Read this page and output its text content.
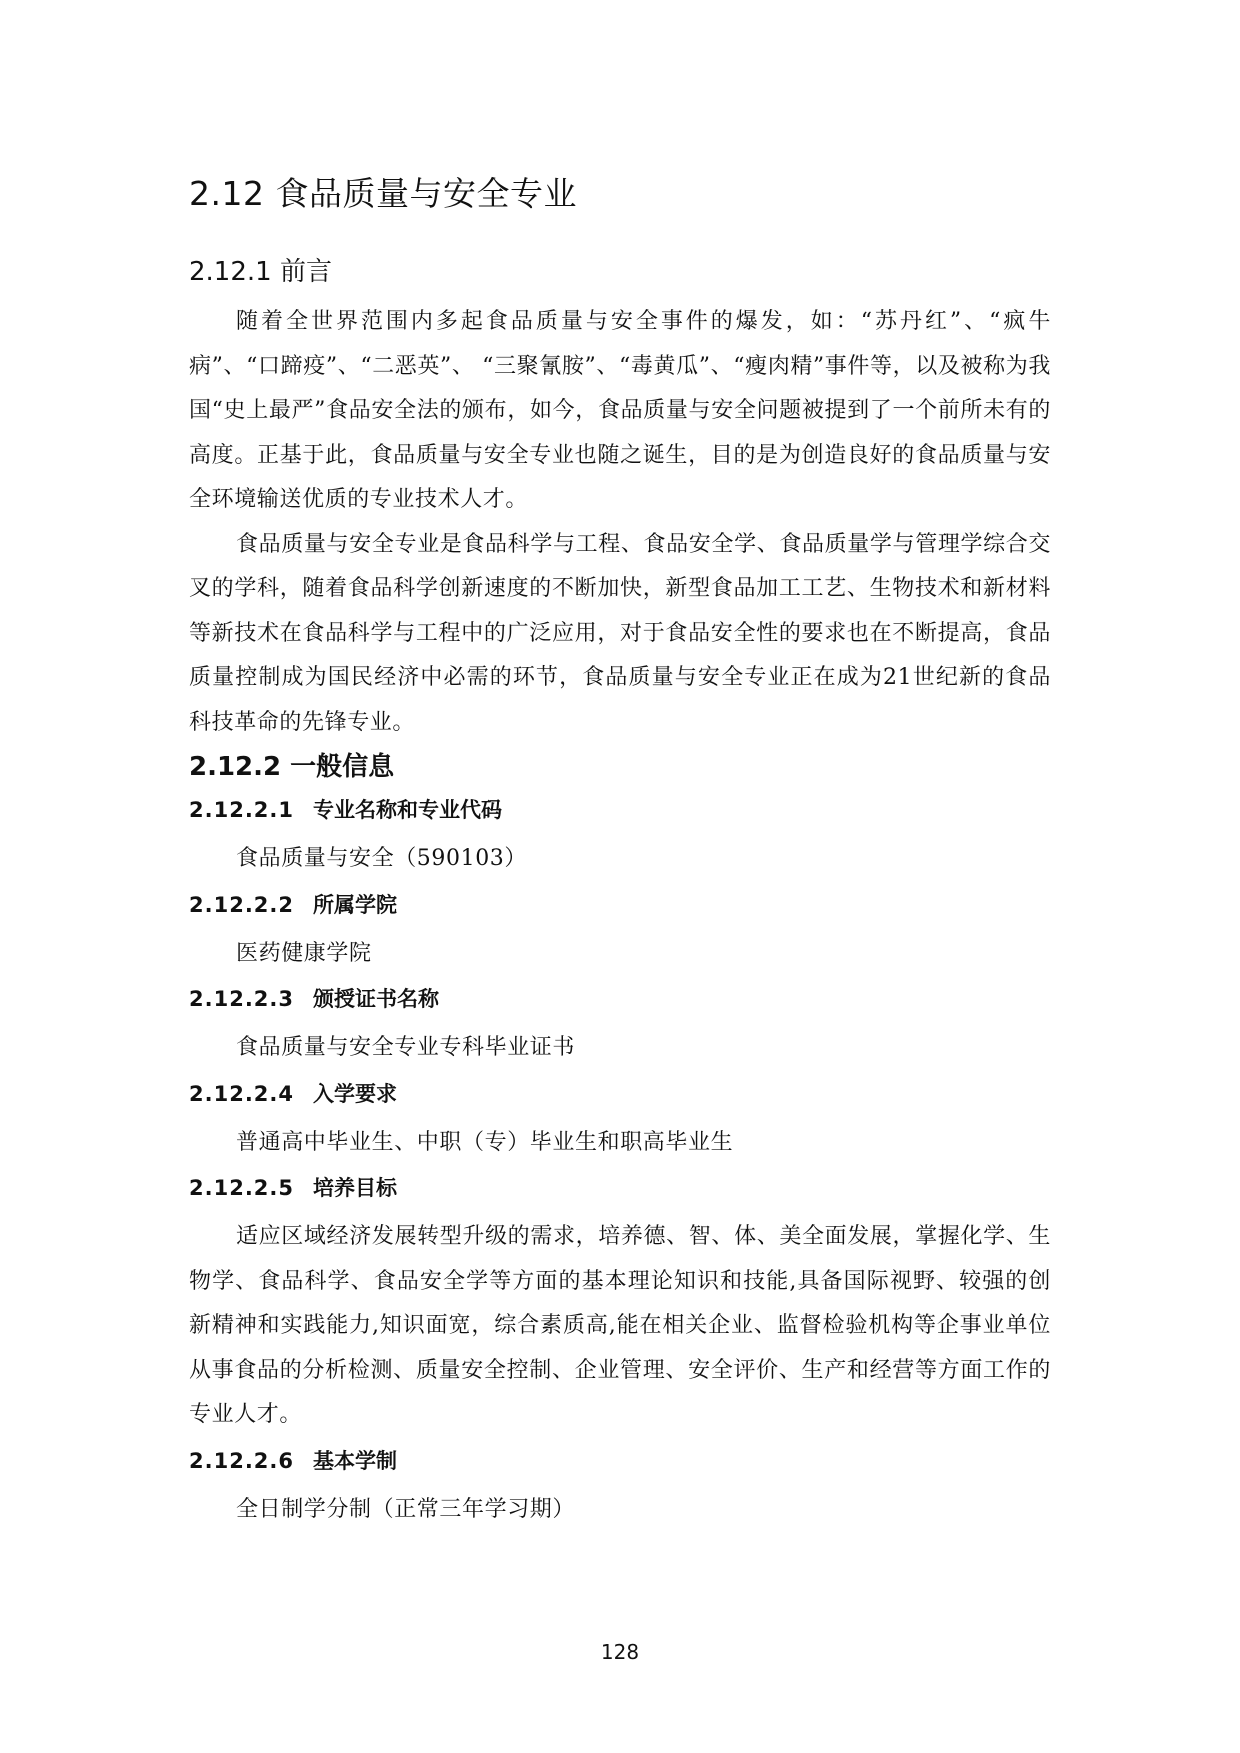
2.12 食品质量与安全专业
2.12.1 前言

随着全世界范围内多起食品质量与安全事件的爆发，如：“苏丹红”、“疯牛病”、“口蹄疫”、“二恶英”、 “三聚氰胺”、“毒黄瓜”、“瘦肉精”事件等，以及被称为我国“史上最严”食品安全法的颁布，如今，食品质量与安全问题被提到了一个前所未有的高度。正基于此，食品质量与安全专业也随之诞生，目的是为创造良好的食品质量与安全环境输送优质的专业技术人才。

食品质量与安全专业是食品科学与工程、食品安全学、食品质量学与管理学综合交叉的学科，随着食品科学创新速度的不断加快，新型食品加工工艺、生物技术和新材料等新技术在食品科学与工程中的广泛应用，对于食品安全性的要求也在不断提高，食品质量控制成为国民经济中必需的环节，食品质量与安全专业正在成为21世纪新的食品科技革命的先锋专业。

2.12.2 一般信息
2.12.2.1 专业名称和专业代码

食品质量与安全（590103）

2.12.2.2 所属学院

医药健康学院

2.12.2.3 颁授证书名称

食品质量与安全专业专科毕业证书

2.12.2.4 入学要求

普通高中毕业生、中职（专）毕业生和职高毕业生

2.12.2.5 培养目标

适应区域经济发展转型升级的需求，培养德、智、体、美全面发展，掌握化学、生物学、食品科学、食品安全学等方面的基本理论知识和技能,具备国际视野、较强的创新精神和实践能力,知识面宽，综合素质高,能在相关企业、监督检验机构等企事业单位从事食品的分析检测、质量安全控制、企业管理、安全评价、生产和经营等方面工作的专业人才。

2.12.2.6 基本学制

全日制学分制（正常三年学习期）

128
